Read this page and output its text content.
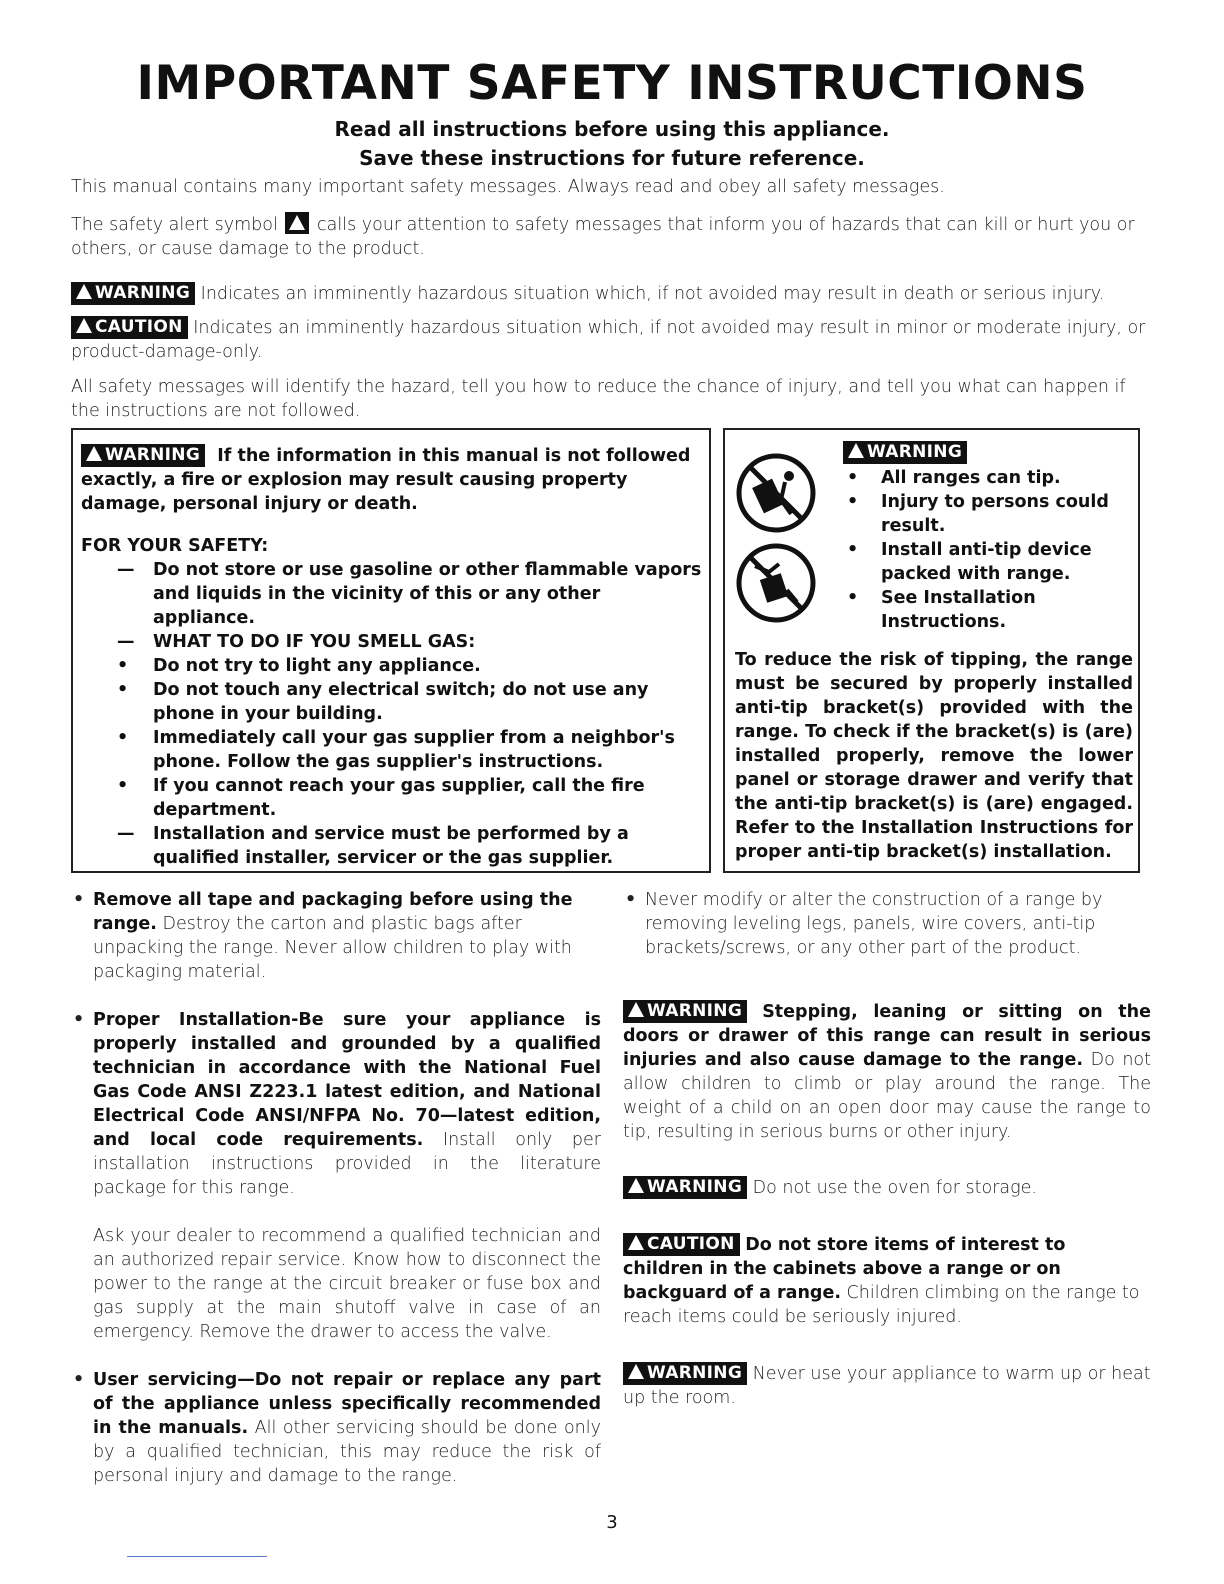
IMPORTANT SAFETY INSTRUCTIONS
Read all instructions before using this appliance.
Save these instructions for future reference.
This manual contains many important safety messages. Always read and obey all safety messages.
The safety alert symbol calls your attention to safety messages that inform you of hazards that can kill or hurt you or others, or cause damage to the product.
WARNING Indicates an imminently hazardous situation which, if not avoided may result in death or serious injury.
CAUTION Indicates an imminently hazardous situation which, if not avoided may result in minor or moderate injury, or product-damage-only.
All safety messages will identify the hazard, tell you how to reduce the chance of injury, and tell you what can happen if the instructions are not followed.
WARNING If the information in this manual is not followed exactly, a fire or explosion may result causing property damage, personal injury or death.
FOR YOUR SAFETY:
— Do not store or use gasoline or other flammable vapors and liquids in the vicinity of this or any other appliance.
— WHAT TO DO IF YOU SMELL GAS:
• Do not try to light any appliance.
• Do not touch any electrical switch; do not use any phone in your building.
• Immediately call your gas supplier from a neighbor's phone. Follow the gas supplier's instructions.
• If you cannot reach your gas supplier, call the fire department.
— Installation and service must be performed by a qualified installer, servicer or the gas supplier.
WARNING
• All ranges can tip.
• Injury to persons could result.
• Install anti-tip device packed with range.
• See Installation Instructions.
To reduce the risk of tipping, the range must be secured by properly installed anti-tip bracket(s) provided with the range. To check if the bracket(s) is (are) installed properly, remove the lower panel or storage drawer and verify that the anti-tip bracket(s) is (are) engaged. Refer to the Installation Instructions for proper anti-tip bracket(s) installation.
• Remove all tape and packaging before using the range. Destroy the carton and plastic bags after unpacking the range. Never allow children to play with packaging material.
• Proper Installation-Be sure your appliance is properly installed and grounded by a qualified technician in accordance with the National Fuel Gas Code ANSI Z223.1 latest edition, and National Electrical Code ANSI/NFPA No. 70—latest edition, and local code requirements. Install only per installation instructions provided in the literature package for this range.
Ask your dealer to recommend a qualified technician and an authorized repair service. Know how to disconnect the power to the range at the circuit breaker or fuse box and gas supply at the main shutoff valve in case of an emergency. Remove the drawer to access the valve.
• User servicing—Do not repair or replace any part of the appliance unless specifically recommended in the manuals. All other servicing should be done only by a qualified technician, this may reduce the risk of personal injury and damage to the range.
• Never modify or alter the construction of a range by removing leveling legs, panels, wire covers, anti-tip brackets/screws, or any other part of the product.
WARNING Stepping, leaning or sitting on the doors or drawer of this range can result in serious injuries and also cause damage to the range. Do not allow children to climb or play around the range. The weight of a child on an open door may cause the range to tip, resulting in serious burns or other injury.
WARNING Do not use the oven for storage.
CAUTION Do not store items of interest to children in the cabinets above a range or on backguard of a range. Children climbing on the range to reach items could be seriously injured.
WARNING Never use your appliance to warm up or heat up the room.
3
